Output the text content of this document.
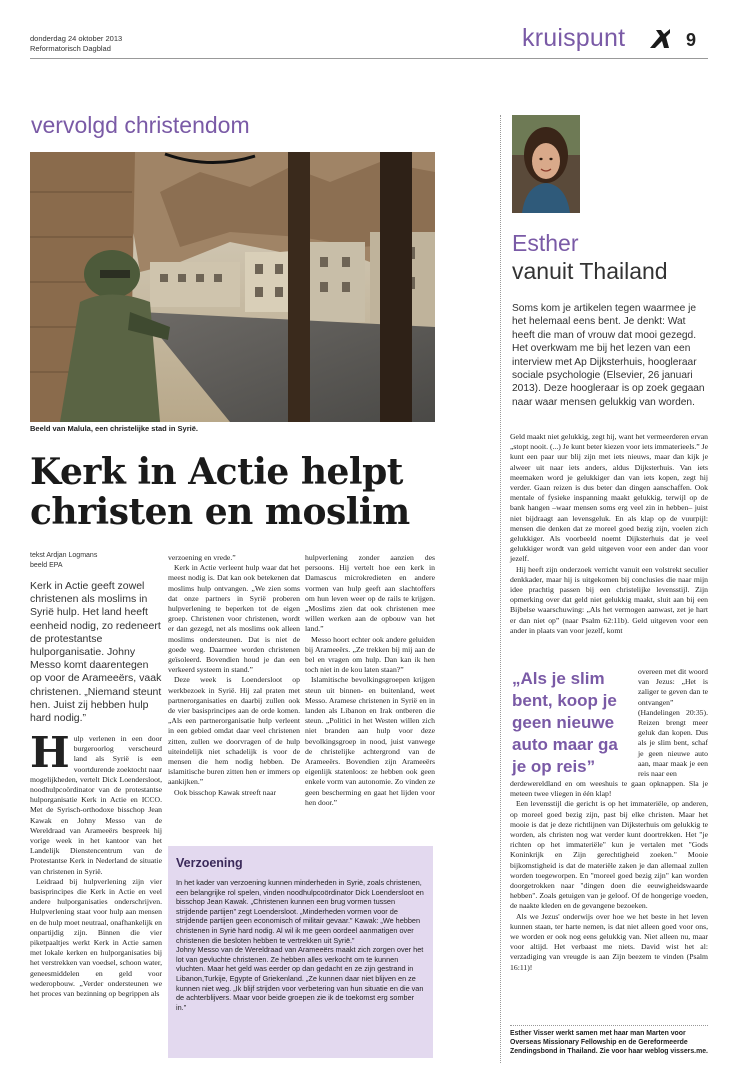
donderdag 24 oktober 2013
Reformatorisch Dagblad	kruispunt	9
vervolgd christendom
Beeld van Malula, een christelijke stad in Syrië.
Kerk in Actie helpt
christen en moslim
tekst Ardjan Logmans
beeld EPA
Kerk in Actie geeft zowel christenen als moslims in Syrië hulp. Het land heeft eenheid nodig, zo redeneert de protestantse hulporganisatie. Johny Messo komt daarentegen op voor de Arameeërs, vaak christenen. „Niemand steunt hen. Juist zij hebben hulp hard nodig.”
H ulp verlenen in een door burgeroorlog verscheurd land als Syrië is een voortdurende zoektocht naar mogelijkheden, vertelt Dick Loendersloot, noodhulpcoördinator van de protestantse hulporganisatie Kerk in Actie en ICCO. Met de Syrisch-orthodoxe bisschop Jean Kawak en Johny Messo van de Wereldraad van Arameeërs bespreek hij vorige week in het kantoor van het Landelijk Dienstencentrum van de Protestantse Kerk in Nederland de situatie van christenen in Syrië.

Leidraad bij hulpverlening zijn vier basisprincipes die Kerk in Actie en veel andere hulporganisaties onderschrijven. Hulpverlening staat voor hulp aan mensen en de hulp moet neutraal, onafhankelijk en onpartijdig zijn. Binnen die vier piketpaaltjes werkt Kerk in Actie samen met lokale kerken en hulporganisaties bij het verstrekken van voedsel, schoon water, geneesmiddelen en geld voor wederopbouw. „Verder ondersteunen we het proces van bezinning op begrippen als

verzoening en vrede.”

Kerk in Actie verleent hulp waar dat het meest nodig is. Dat kan ook betekenen dat moslims hulp ontvangen. „We zien soms dat onze partners in Syrië proberen hulpverlening te beperken tot de eigen groep. Christenen voor christenen, wordt er dan gezegd, net als moslims ook alleen moslims ondersteunen. Dat is niet de goede weg. Daarmee worden christenen geïsoleerd. Bovendien houd je dan een verkeerd systeem in stand.”

Deze week is Loendersloot op werkbezoek in Syrië. Hij zal praten met partnerorganisaties en daarbij zullen ook de vier basisprincipes aan de orde komen. „Als een partnerorganisatie hulp verleent in een gebied omdat daar veel christenen zitten, zullen we doorvragen of de hulp uiteindelijk niet schadelijk is voor de mensen die hem nodig hebben. De islamitische buren zitten hen er immers op aankijken.”

Ook bisschop Kawak streeft naar

hulpverlening zonder aanzien des persoons. Hij vertelt hoe een kerk in Damascus microkredieten en andere vormen van hulp geeft aan slachtoffers om hun leven weer op de rails te krijgen. „Moslims zien dat ook christenen mee willen werken aan de opbouw van het land.”

Messo hoort echter ook andere geluiden bij Arameeërs. „Ze trekken bij mij aan de bel en vragen om hulp. Dan kan ik hen toch niet in de kou laten staan?”

Islamitische bevolkingsgroepen krijgen steun uit binnen- en buitenland, weet Messo. Aramese christenen in Syrië en in landen als Libanon en Irak ontberen die steun. „Politici in het Westen willen zich niet branden aan hulp voor deze bevolkingsgroep in nood, juist vanwege de christelijke achtergrond van de Arameeërs. Bovendien zijn Arameeërs eigenlijk statenloos: ze hebben ook geen enkele vorm van autonomie. Zo vinden ze geen bescherming en gaat het lijden voor hen door.”

Verzoening
In het kader van verzoening kunnen minderheden in Syrië, zoals christenen, een belangrijke rol spelen, vinden noodhulpcoördinator Dick Loendersloot en bisschop Jean Kawak. „Christenen kunnen een brug vormen tussen strijdende partijen” zegt Loendersloot. „Minderheden vormen voor de strijdende partijen geen economisch of militair gevaar.” Kawak: „We hebben christenen in Syrië hard nodig. Al wil ik me geen oordeel aanmatigen over christenen die besloten hebben te vertrekken uit Syrië.”
Johny Messo van de Wereldraad van Arameeërs maakt zich zorgen over het lot van gevluchte christenen. Ze hebben alles verkocht om te kunnen vluchten. Maar het geld was eerder op dan gedacht en ze zijn gestrand in Libanon,Turkije, Egypte of Griekenland. „Ze kunnen daar niet blijven en ze kunnen niet weg. „Ik blijf strijden voor verbetering van hun situatie en die van de achterblijvers. Maar voor beide groepen zie ik de toekomst erg somber in.”
Esther
vanuit Thailand
Soms kom je artikelen tegen waarmee je het helemaal eens bent. Je denkt: Wat heeft die man of vrouw dat mooi gezegd. Het overkwam me bij het lezen van een interview met Ap Dijksterhuis, hoogleraar sociale psychologie (Elsevier, 26 januari 2013). Deze hoogleraar is op zoek gegaan naar waar mensen gelukkig van worden.

Geld maakt niet gelukkig, zegt hij, want het vermeerderen ervan „stopt nooit. (...) Je kunt beter kiezen voor iets immaterieels.” Je kunt een paar uur blij zijn met iets nieuws, maar dan kijk je alweer uit naar iets anders, aldus Dijksterhuis. Van iets meemaken word je gelukkiger dan van iets kopen, zegt hij verder. Gaan reizen is dus beter dan dingen aanschaffen. Ook mentale of fysieke inspanning maakt gelukkig, terwijl op de bank hangen –waar mensen soms erg veel zin in hebben– juist niet bijdraagt aan levensgeluk. En als klap op de vuurpijl: mensen die denken dat ze moreel goed bezig zijn, voelen zich gelukkiger. Als voorbeeld noemt Dijksterhuis dat je veel gelukkiger wordt van geld uitgeven voor een ander dan voor jezelf.

Hij heeft zijn onderzoek verricht vanuit een volstrekt seculier denkkader, maar hij is uitgekomen bij conclusies die naar mijn idee prachtig passen bij een christelijke levensstijl. Zijn opmerking over dat geld niet gelukkig maakt, sluit aan bij een Bijbelse waarschuwing: „Als het vermogen aanwast, zet je hart er dan niet op” (naar Psalm 62:11b). Geld uitgeven voor een ander in plaats van voor jezelf, komt

„Als je slim bent, koop je geen nieuwe auto maar ga je op reis”

overeen met dit woord van Jezus: „Het is zaliger te geven dan te ontvangen” (Handelingen 20:35). Reizen brengt meer geluk dan kopen. Dus als je slim bent, schaf je geen nieuwe auto aan, maar maak je een reis naar een

derdewereldland en om weeshuis te gaan opknappen. Sla je meteen twee vliegen in één klap!

Een levensstijl die gericht is op het immateriële, op anderen, op moreel goed bezig zijn, past bij elke christen. Maar het mooie is dat je deze richtlijnen van Dijksterhuis om gelukkig te worden, als christen nog wat verder kunt doortrekken. Het "je richten op het immateriële" kun je vertalen met "Gods Koninkrijk en Zijn gerechtigheid zoeken." Mooie bijkomstigheid is dat de materiële zaken je dan allemaal zullen worden toegeworpen. En "moreel goed bezig zijn" kan worden doorgetrokken naar "dingen doen die eeuwigheidswaarde hebben". Zoals getuigen van je geloof. Of de hongerige voeden, de naakte kleden en de gevangene bezoeken.

Als we Jezus' onderwijs over hoe we het beste in het leven kunnen staan, ter harte nemen, is dat niet alleen goed voor ons, we worden er ook nog eens gelukkig van. Niet alleen nu, maar voor altijd. Het verbaast me niets. David wist het al: verzadiging van vreugde is aan Zijn beezem te vinden (Psalm 16:11)!

Esther Visser werkt samen met haar man Marten voor Overseas Missionary Fellowship en de Gereformeerde Zendingsbond in Thailand. Zie voor haar weblog vissers.me.
